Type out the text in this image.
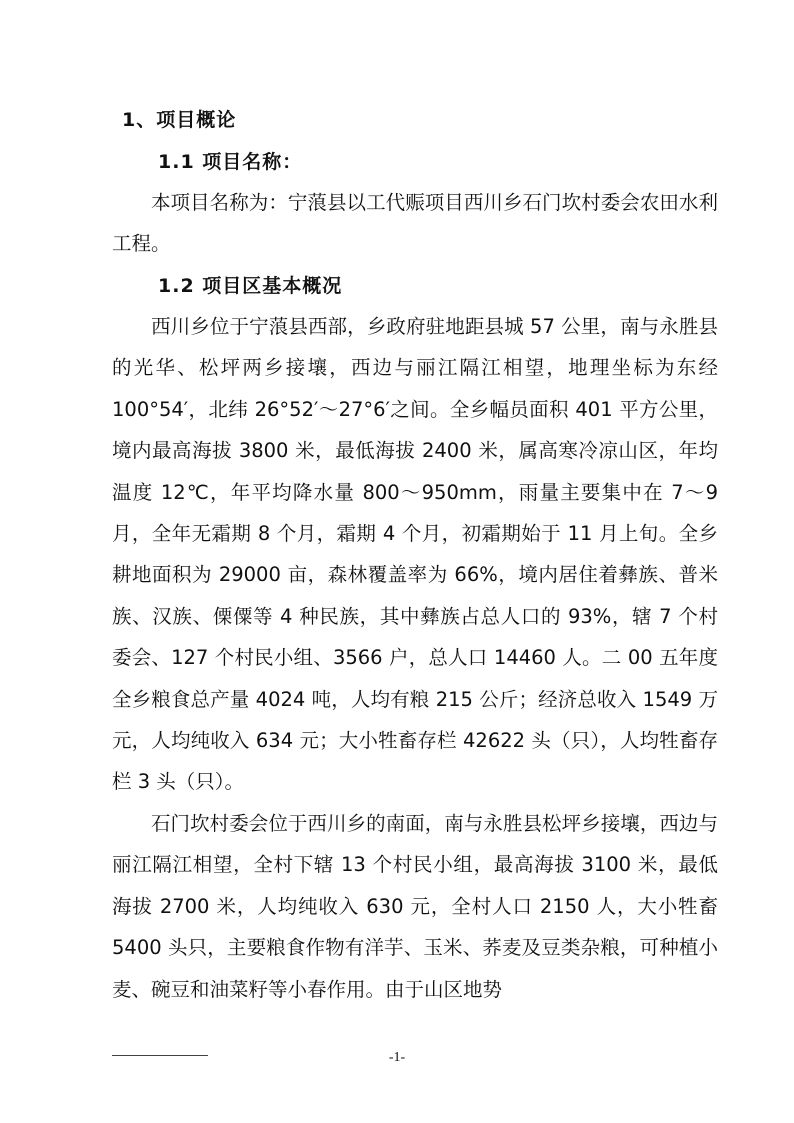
1、项目概论
1.1 项目名称：

本项目名称为：宁蒗县以工代赈项目西川乡石门坎村委会农田水利工程。

1.2 项目区基本概况

西川乡位于宁蒗县西部，乡政府驻地距县城 57 公里，南与永胜县的光华、松坪两乡接壤，西边与丽江隔江相望，地理坐标为东经 100°54′，北纬 26°52′～27°6′之间。全乡幅员面积 401 平方公里，境内最高海拔 3800 米，最低海拔 2400 米，属高寒冷凉山区，年均温度 12℃，年平均降水量 800～950mm，雨量主要集中在 7～9 月，全年无霜期 8 个月，霜期 4 个月，初霜期始于 11 月上旬。全乡耕地面积为 29000 亩，森林覆盖率为 66%，境内居住着彝族、普米族、汉族、傈僳等 4 种民族，其中彝族占总人口的 93%，辖 7 个村委会、127 个村民小组、3566 户，总人口 14460 人。二 00 五年度全乡粮食总产量 4024 吨，人均有粮 215 公斤；经济总收入 1549 万元，人均纯收入 634 元；大小牲畜存栏 42622 头（只），人均牲畜存栏 3 头（只）。

石门坎村委会位于西川乡的南面，南与永胜县松坪乡接壤，西边与丽江隔江相望，全村下辖 13 个村民小组，最高海拔 3100 米，最低海拔 2700 米，人均纯收入 630 元，全村人口 2150 人，大小牲畜 5400 头只，主要粮食作物有洋芋、玉米、荞麦及豆类杂粮，可种植小麦、碗豆和油菜籽等小春作用。由于山区地势

-1-
